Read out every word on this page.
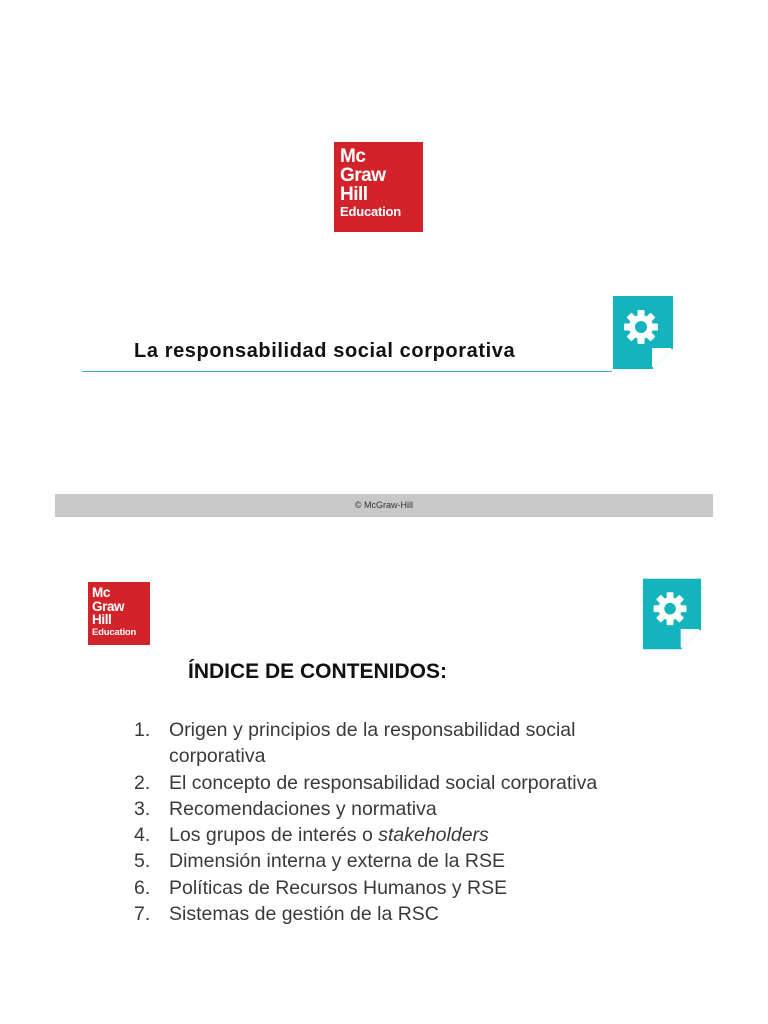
Mc
Graw
Hill
Education
La responsabilidad social corporativa
© McGraw-Hill
Mc
Graw
Hill
Education
ÍNDICE DE CONTENIDOS:
1. Origen y principios de la responsabilidad social corporativa
2. El concepto de responsabilidad social corporativa
3. Recomendaciones y normativa
4. Los grupos de interés o stakeholders
5. Dimensión interna y externa de la RSE
6. Políticas de Recursos Humanos y RSE
7. Sistemas de gestión de la RSC
